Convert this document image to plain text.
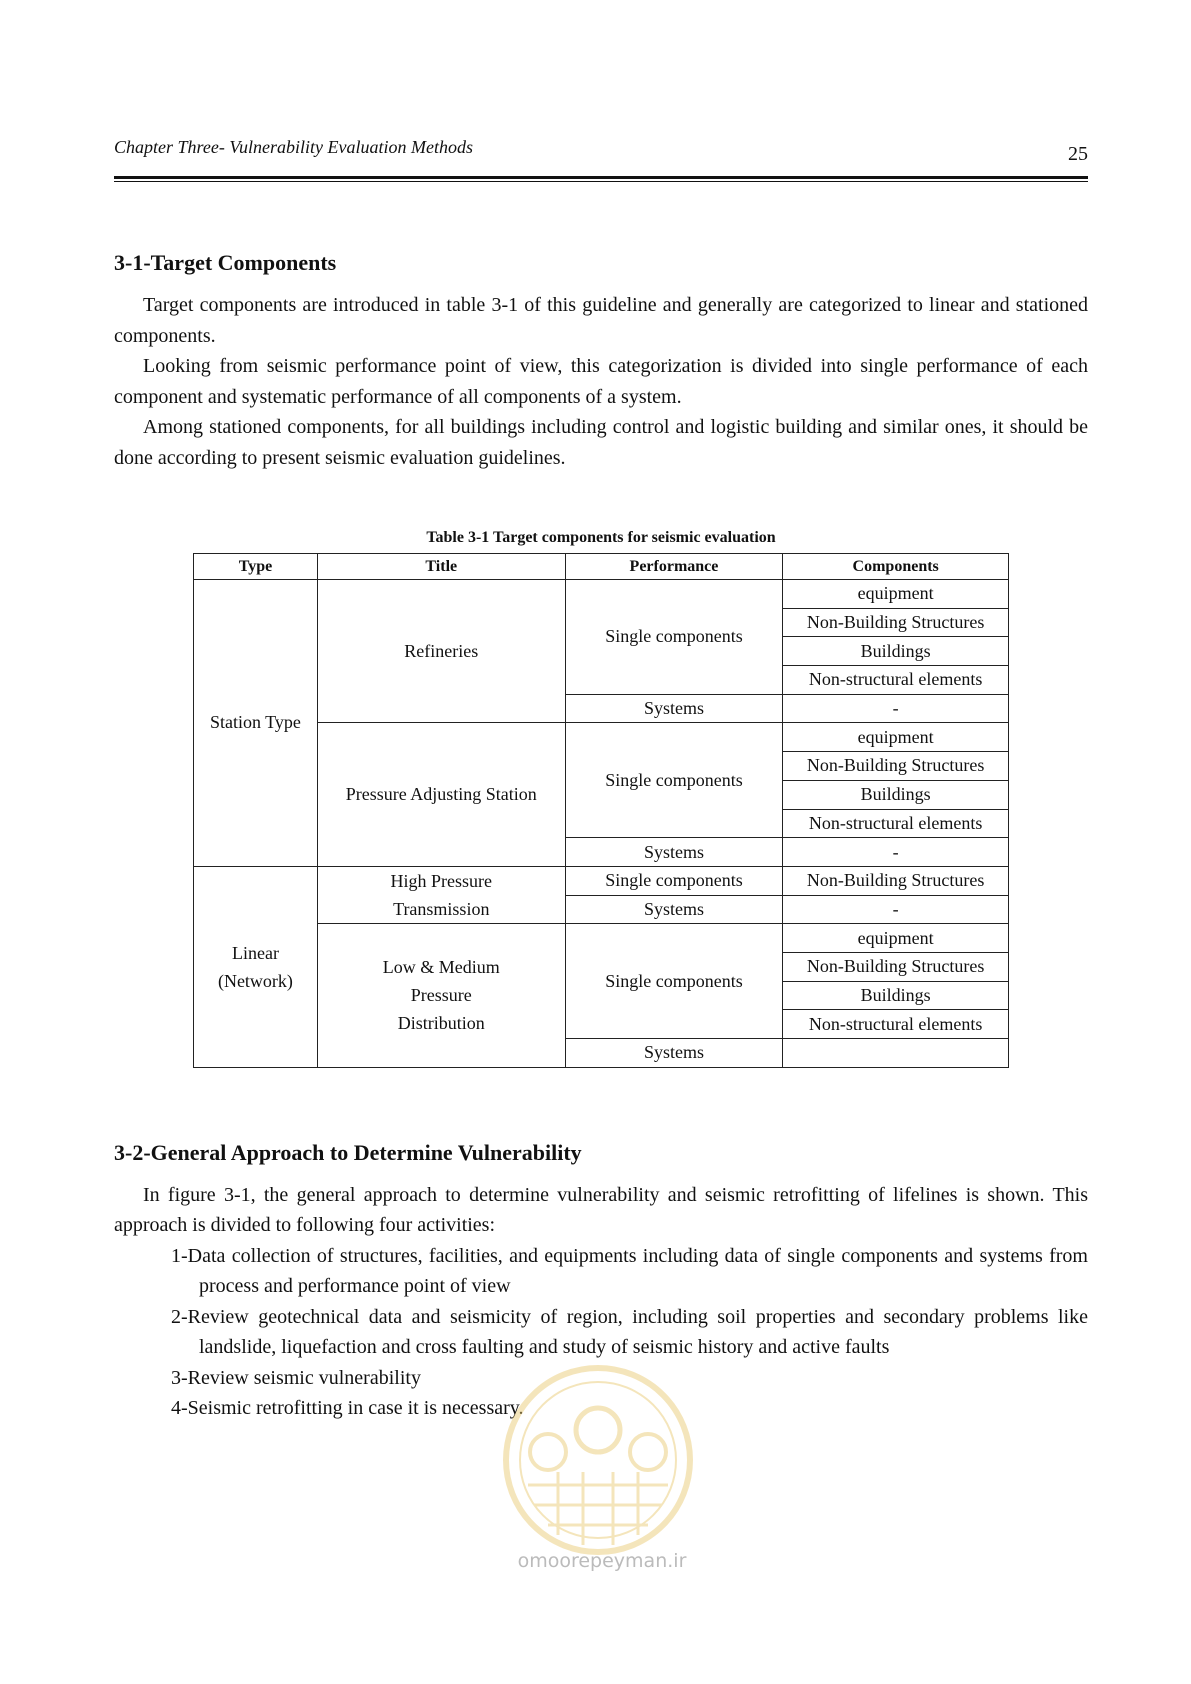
Chapter Three- Vulnerability Evaluation Methods	25
3-1-Target Components

Target components are introduced in table 3-1 of this guideline and generally are categorized to linear and stationed components.

Looking from seismic performance point of view, this categorization is divided into single performance of each component and systematic performance of all components of a system.

Among stationed components, for all buildings including control and logistic building and similar ones, it should be done according to present seismic evaluation guidelines.

Table 3-1 Target components for seismic evaluation
Type	Title	Performance	Components
Station Type	Refineries	Single components	equipment
			Non-Building Structures
			Buildings
			Non-structural elements
		Systems	-
	Pressure Adjusting Station	Single components	equipment
			Non-Building Structures
			Buildings
			Non-structural elements
		Systems	-
Linear (Network)	High Pressure Transmission	Single components	Non-Building Structures
		Systems	-
	Low & Medium Pressure Distribution	Single components	equipment
			Non-Building Structures
			Buildings
			Non-structural elements
		Systems	
3-2-General Approach to Determine Vulnerability

In figure 3-1, the general approach to determine vulnerability and seismic retrofitting of lifelines is shown. This approach is divided to following four activities:

1-Data collection of structures, facilities, and equipments including data of single components and systems from process and performance point of view
2-Review geotechnical data and seismicity of region, including soil properties and secondary problems like landslide, liquefaction and cross faulting and study of seismic history and active faults
3-Review seismic vulnerability
4-Seismic retrofitting in case it is necessary.
omoorepeyman.ir
